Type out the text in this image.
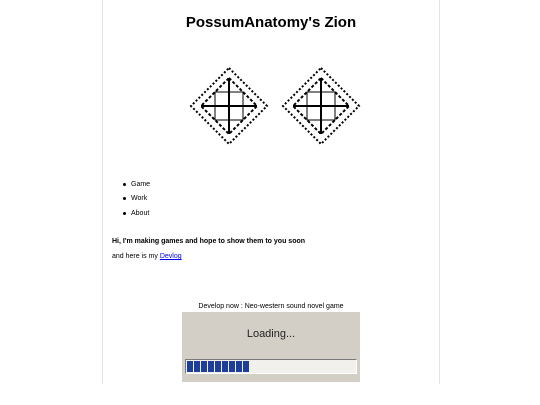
PossumAnatomy's Zion
Game
Work
About
Hi, I'm making games and hope to show them to you soon
and here is my Devlog
Develop now : Neo-western sound novel game
Loading...
